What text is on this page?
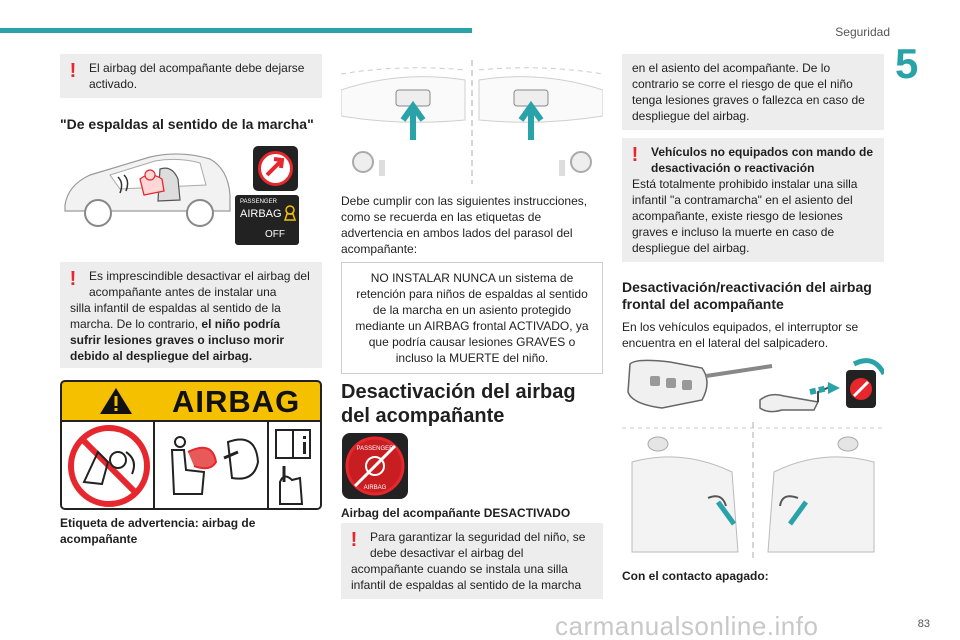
Seguridad
5
!	El airbag del acompañante debe dejarse activado.
"De espaldas al sentido de la marcha"
PASSENGER
AIRBAG
OFF
!	Es imprescindible desactivar el airbag del acompañante antes de instalar una
silla infantil de espaldas al sentido de la marcha. De lo contrario, el niño podría sufrir lesiones graves o incluso morir debido al despliegue del airbag.
AIRBAG
Etiqueta de advertencia: airbag de acompañante
Debe cumplir con las siguientes instrucciones, como se recuerda en las etiquetas de advertencia en ambos lados del parasol del acompañante:
NO INSTALAR NUNCA un sistema de retención para niños de espaldas al sentido de la marcha en un asiento protegido mediante un AIRBAG frontal ACTIVADO, ya que podría causar lesiones GRAVES o incluso la MUERTE del niño.
Desactivación del airbag del acompañante
PASSENGER
AIRBAG
Airbag del acompañante DESACTIVADO
!	Para garantizar la seguridad del niño, se debe desactivar el airbag del
acompañante cuando se instala una silla infantil de espaldas al sentido de la marcha
en el asiento del acompañante. De lo contrario se corre el riesgo de que el niño tenga lesiones graves o fallezca en caso de despliegue del airbag.
!	Vehículos no equipados con mando de desactivación o reactivación
Está totalmente prohibido instalar una silla infantil "a contramarcha" en el asiento del acompañante, existe riesgo de lesiones graves e incluso la muerte en caso de despliegue del airbag.
Desactivación/reactivación del airbag frontal del acompañante
En los vehículos equipados, el interruptor se encuentra en el lateral del salpicadero.
Con el contacto apagado:
carmanualsonline.info	83
